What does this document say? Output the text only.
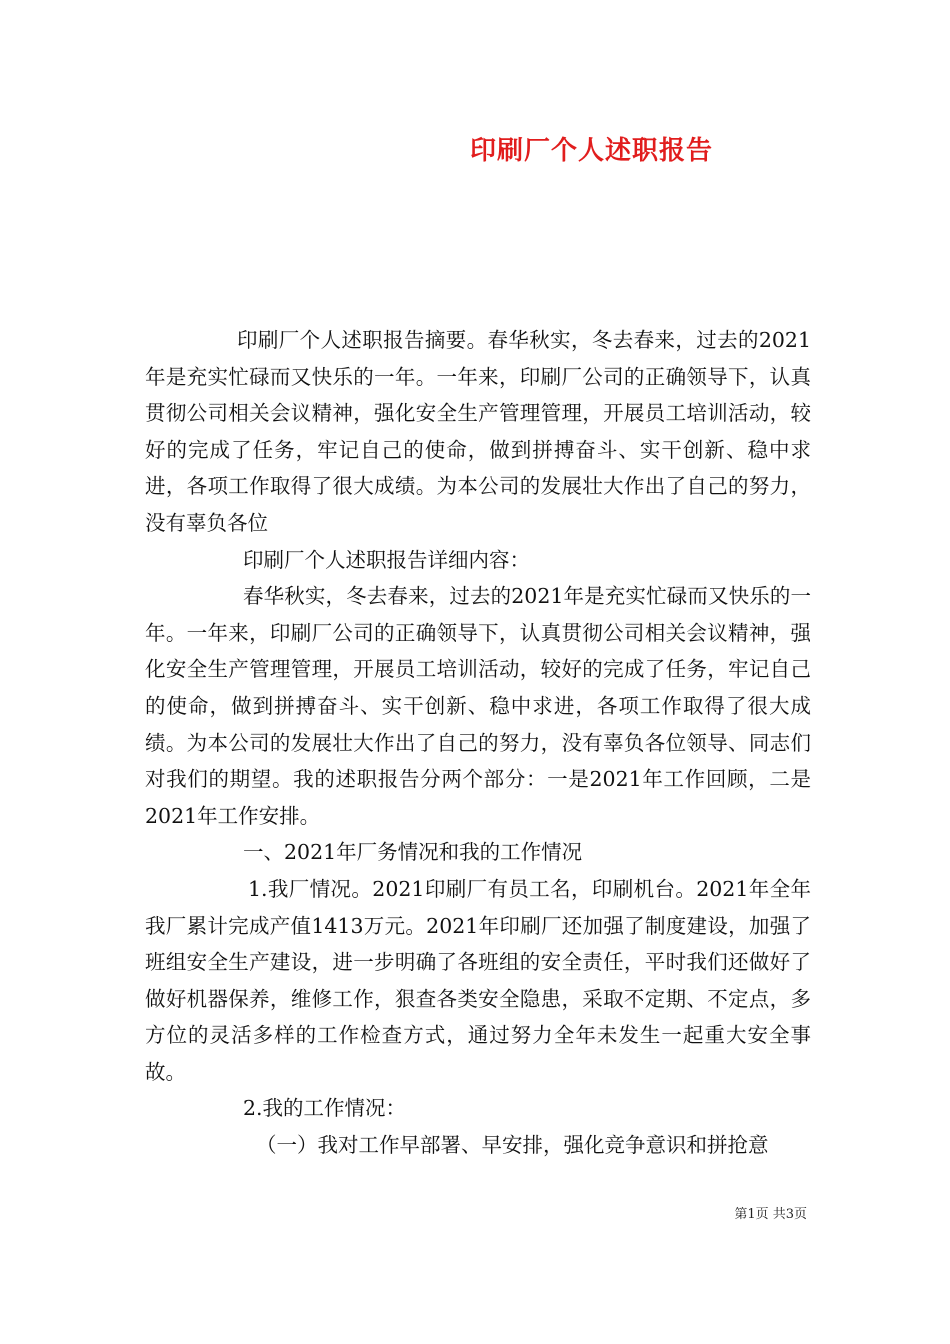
印刷厂个人述职报告

印刷厂个人述职报告摘要。春华秋实，冬去春来，过去的2021年是充实忙碌而又快乐的一年。一年来，印刷厂公司的正确领导下，认真贯彻公司相关会议精神，强化安全生产管理管理，开展员工培训活动，较好的完成了任务，牢记自己的使命，做到拼搏奋斗、实干创新、稳中求进，各项工作取得了很大成绩。为本公司的发展壮大作出了自己的努力，没有辜负各位

印刷厂个人述职报告详细内容：

春华秋实，冬去春来，过去的2021年是充实忙碌而又快乐的一年。一年来，印刷厂公司的正确领导下，认真贯彻公司相关会议精神，强化安全生产管理管理，开展员工培训活动，较好的完成了任务，牢记自己的使命，做到拼搏奋斗、实干创新、稳中求进，各项工作取得了很大成绩。为本公司的发展壮大作出了自己的努力，没有辜负各位领导、同志们对我们的期望。我的述职报告分两个部分：一是2021年工作回顾，二是2021年工作安排。

一、2021年厂务情况和我的工作情况

1.我厂情况。2021印刷厂有员工名，印刷机台。2021年全年我厂累计完成产值1413万元。2021年印刷厂还加强了制度建设，加强了班组安全生产建设，进一步明确了各班组的安全责任，平时我们还做好了做好机器保养，维修工作，狠查各类安全隐患，采取不定期、不定点，多方位的灵活多样的工作检查方式，通过努力全年未发生一起重大安全事故。

2.我的工作情况：

（一）我对工作早部署、早安排，强化竞争意识和拼抢意

第1页 共3页
